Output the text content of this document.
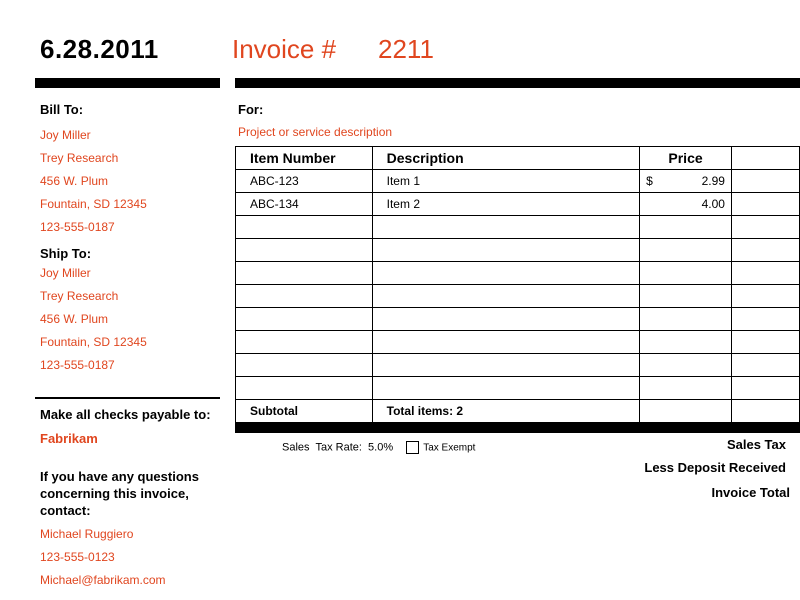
6.28.2011	Invoice # 2211
Bill To:
Joy Miller
Trey Research
456 W. Plum
Fountain, SD 12345
123-555-0187
Ship To:
Joy Miller
Trey Research
456 W. Plum
Fountain, SD 12345
123-555-0187
Make all checks payable to:
Fabrikam
If you have any questions
concerning this invoice,
contact:
Michael Ruggiero
123-555-0123
Michael@fabrikam.com
For:
Project or service description
Item Number	Description	Price	
ABC-123	Item 1	$ 2.99	

ABC-134	Item 2	4.00	

Subtotal	Total items: 2		
Sales Tax Rate: 5.0%	Tax Exempt	Sales Tax
Less Deposit Received
Invoice Total
